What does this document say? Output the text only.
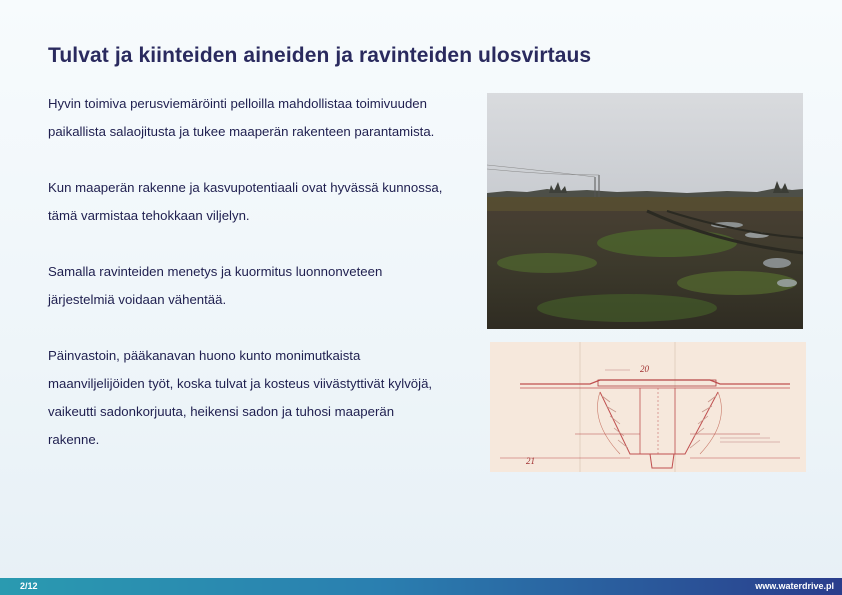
Tulvat ja kiinteiden aineiden ja ravinteiden ulosvirtaus

Hyvin toimiva perusviemäröinti pelloilla mahdollistaa toimivuuden
paikallista salaojitusta ja tukee maaperän rakenteen parantamista.

Kun maaperän rakenne ja kasvupotentiaali ovat hyvässä kunnossa,
tämä varmistaa tehokkaan viljelyn.

Samalla ravinteiden menetys ja kuormitus luonnonveteen
järjestelmiä voidaan vähentää.

Päinvastoin, pääkanavan huono kunto monimutkaista
maanviljelijöiden työt, koska tulvat ja kosteus viivästyttivät kylvöjä,
vaikeutti sadonkorjuuta, heikensi sadon ja tuhosi maaperän
rakenne.

20
21
2/12	www.waterdrive.pl
